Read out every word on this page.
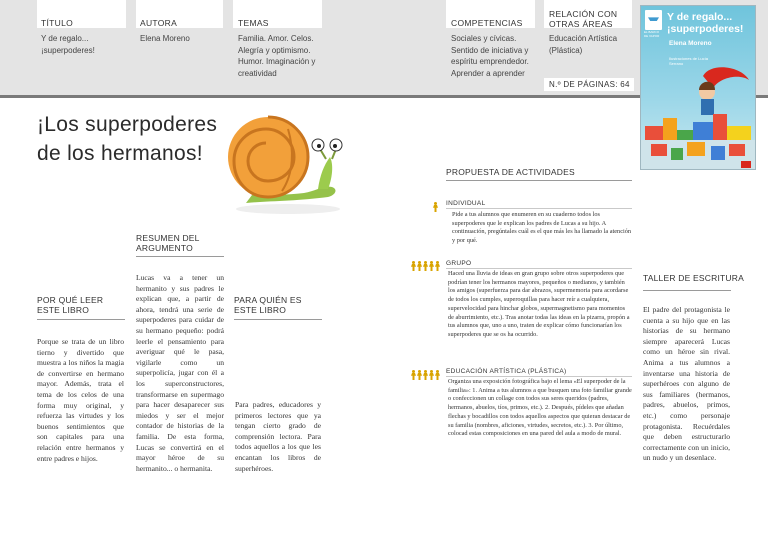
TÍTULO
Y de regalo... ¡superpoderes!
AUTORA
Elena Moreno
TEMAS
Familia. Amor. Celos. Alegría y optimismo. Humor. Imaginación y creatividad
COMPETENCIAS
Sociales y cívicas. Sentido de iniciativa y espíritu emprendedor. Aprender a aprender
RELACIÓN CON OTRAS ÁREAS
Educación Artística (Plástica)
N.º DE PÁGINAS: 64
EL BARCO DE VAPOR
Y de regalo... ¡superpoderes!
Elena Moreno
Ilustraciones de Lucía Serrano
¡Los superpoderes de los hermanos!
RESUMEN DEL ARGUMENTO
Lucas va a tener un hermanito y sus padres le explican que, a partir de ahora, tendrá una serie de superpoderes para cuidar de su hermano pequeño: podrá leerle el pensamiento para averiguar qué le pasa, vigilarle como un superpolicía, jugar con él a los superconstructores, transformarse en supermago para hacer desaparecer sus miedos y ser el mejor contador de historias de la familia. De esta forma, Lucas se convertirá en el mayor héroe de su hermanito... o hermanita.
POR QUÉ LEER ESTE LIBRO
Porque se trata de un libro tierno y divertido que muestra a los niños la magia de convertirse en hermano mayor. Además, trata el tema de los celos de una forma muy original, y refuerza las virtudes y los buenos sentimientos que son capitales para una relación entre hermanos y entre padres e hijos.
PARA QUIÉN ES ESTE LIBRO
Para padres, educadores y primeros lectores que ya tengan cierto grado de comprensión lectora. Para todos aquellos a los que les encantan los libros de superhéroes.
PROPUESTA DE ACTIVIDADES
INDIVIDUAL
Pide a tus alumnos que enumeren en su cuaderno todos los superpoderes que le explican los padres de Lucas a su hijo. A continuación, pregúntales cuál es el que más les ha llamado la atención y por qué.
GRUPO
Haced una lluvia de ideas en gran grupo sobre otros superpoderes que podrían tener los hermanos mayores, pequeños o medianos, y también los amigos (superfuerza para dar abrazos, supermemoria para acordarse de todos los cumples, superoquillas para hacer reír a cualquiera, supervelocidad para hinchar globos, supermagnetismo para momentos de aburrimiento, etc.). Tras anotar todas las ideas en la pizarra, propón a tus alumnos que, uno a uno, traten de explicar cómo funcionarían los superpoderes que se os ha ocurrido.
EDUCACIÓN ARTÍSTICA (PLÁSTICA)
Organiza una exposición fotográfica bajo el lema «El superpoder de la familia»: 1. Anima a tus alumnos a que busquen una foto familiar grande o confeccionen un collage con todos sus seres queridos (padres, hermanos, abuelos, tíos, primos, etc.). 2. Después, pídeles que añadan flechas y bocadillos con todos aquellos aspectos que quieran destacar de su familia (nombres, aficiones, virtudes, secretos, etc.). 3. Por último, colocad estas composiciones en una pared del aula a modo de mural.
TALLER DE ESCRITURA
El padre del protagonista le cuenta a su hijo que en las historias de su hermano siempre aparecerá Lucas como un héroe sin rival. Anima a tus alumnos a inventarse una historia de superhéroes con alguno de sus familiares (hermanos, padres, abuelos, primos, etc.) como personaje protagonista. Recuérdales que deben estructurarlo correctamente con un inicio, un nudo y un desenlace.
